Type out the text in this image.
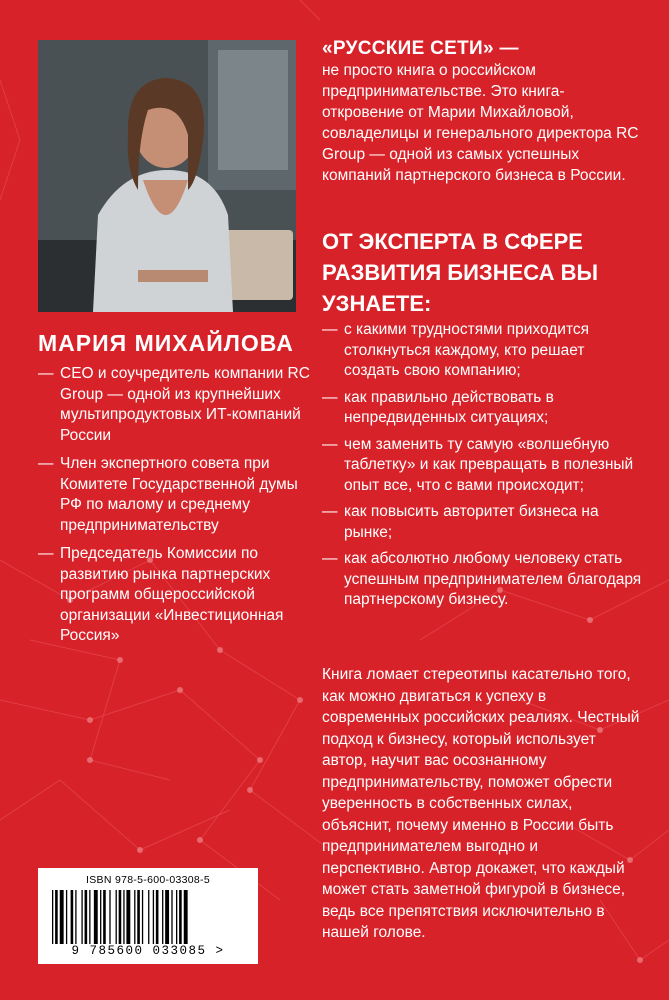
МАРИЯ МИХАЙЛОВА
— CEO и соучредитель компании RC Group — одной из крупнейших мультипродуктовых ИТ-компаний России
— Член экспертного совета при Комитете Государственной думы РФ по малому и среднему предпринимательству
— Председатель Комиссии по развитию рынка партнерских программ общероссийской организации «Инвестиционная Россия»

«РУССКИЕ СЕТИ» —
не просто книга о российском предпринимательстве. Это книга-откровение от Марии Михайловой, совладелицы и генерального директора RC Group — одной из самых успешных компаний партнерского бизнеса в России.

ОТ ЭКСПЕРТА В СФЕРЕ РАЗВИТИЯ БИЗНЕСА ВЫ УЗНАЕТЕ:
— с какими трудностями приходится столкнуться каждому, кто решает создать свою компанию;
— как правильно действовать в непредвиденных ситуациях;
— чем заменить ту самую «волшебную таблетку» и как превращать в полезный опыт все, что с вами происходит;
— как повысить авторитет бизнеса на рынке;
— как абсолютно любому человеку стать успешным предпринимателем благодаря партнерскому бизнесу.

Книга ломает стереотипы касательно того, как можно двигаться к успеху в современных российских реалиях. Честный подход к бизнесу, который использует автор, научит вас осознанному предпринимательству, поможет обрести уверенность в собственных силах, объяснит, почему именно в России быть предпринимателем выгодно и перспективно. Автор докажет, что каждый может стать заметной фигурой в бизнесе, ведь все препятствия исключительно в нашей голове.

ISBN 978-5-600-03308-5
9 785600 033085 >
